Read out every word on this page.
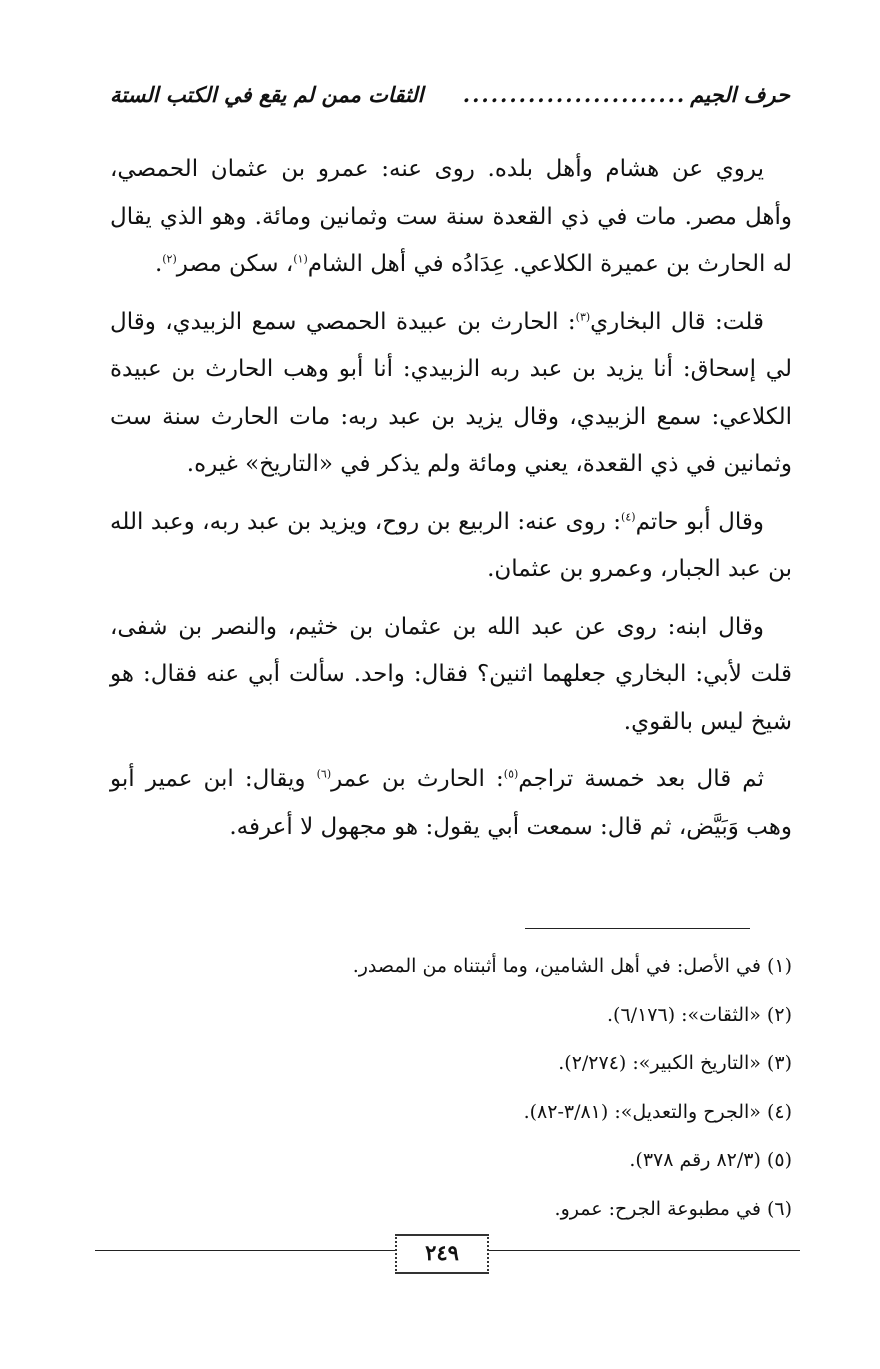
حرف الجيم
........................
الثقات ممن لم يقع في الكتب الستة

يروي عن هشام وأهل بلده. روى عنه: عمرو بن عثمان الحمصي، وأهل مصر. مات في ذي القعدة سنة ست وثمانين ومائة. وهو الذي يقال له الحارث بن عميرة الكلاعي. عِدَادُه في أهل الشام$^{(١)}$، سكن مصر$^{(٢)}$.

قلت: قال البخاري$^{(٣)}$: الحارث بن عبيدة الحمصي سمع الزبيدي، وقال لي إسحاق: أنا يزيد بن عبد ربه الزبيدي: أنا أبو وهب الحارث بن عبيدة الكلاعي: سمع الزبيدي، وقال يزيد بن عبد ربه: مات الحارث سنة ست وثمانين في ذي القعدة، يعني ومائة ولم يذكر في «التاريخ» غيره.

وقال أبو حاتم$^{(٤)}$: روى عنه: الربيع بن روح، ويزيد بن عبد ربه، وعبد الله بن عبد الجبار، وعمرو بن عثمان.

وقال ابنه: روى عن عبد الله بن عثمان بن خثيم، والنصر بن شفى، قلت لأبي: البخاري جعلهما اثنين؟ فقال: واحد. سألت أبي عنه فقال: هو شيخ ليس بالقوي.

ثم قال بعد خمسة تراجم$^{(٥)}$: الحارث بن عمر$^{(٦)}$ ويقال: ابن عمير أبو وهب وَبَيَّض، ثم قال: سمعت أبي يقول: هو مجهول لا أعرفه.

(١) في الأصل: في أهل الشامين، وما أثبتناه من المصدر.
(٢) «الثقات»: (٦/١٧٦).
(٣) «التاريخ الكبير»: (٢/٢٧٤).
(٤) «الجرح والتعديل»: (٣/٨١-٨٢).
(٥) (٨٢/٣ رقم ٣٧٨).
(٦) في مطبوعة الجرح: عمرو.
٢٤٩
